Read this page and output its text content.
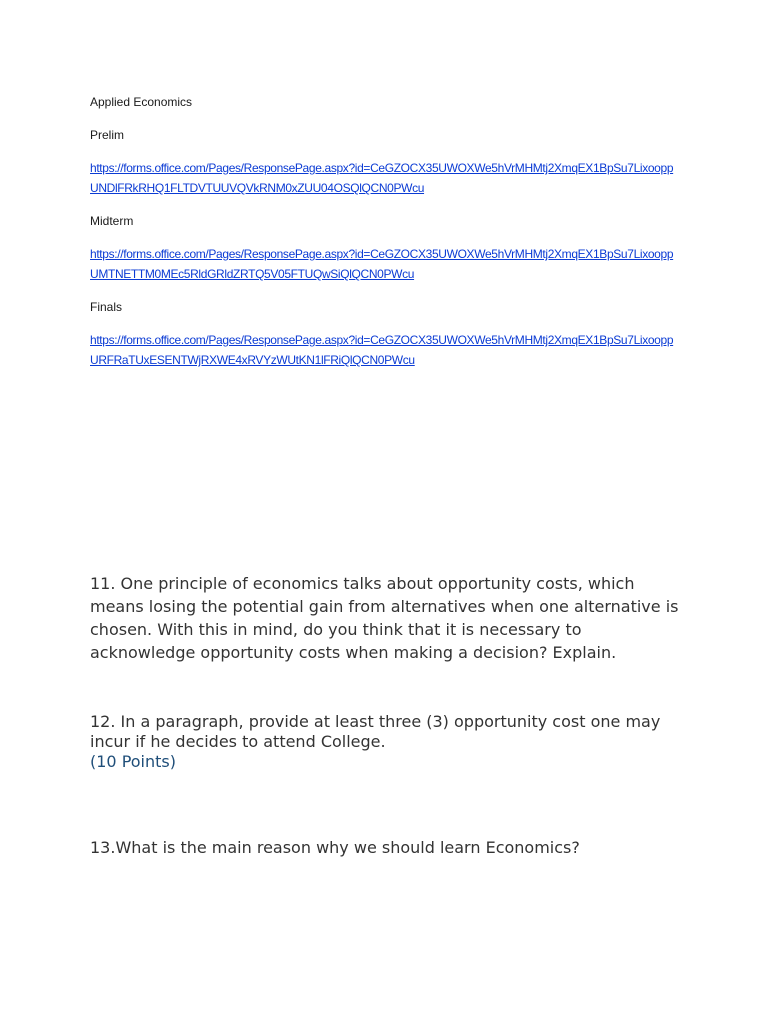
Applied Economics

Prelim

https://forms.office.com/Pages/ResponsePage.aspx?id=CeGZOCX35UWOXWe5hVrMHMtj2XmqEX1BpSu7LixooppUNDlFRkRHQ1FLTDVTUUVQVkRNM0xZUU04OSQlQCN0PWcu

Midterm

https://forms.office.com/Pages/ResponsePage.aspx?id=CeGZOCX35UWOXWe5hVrMHMtj2XmqEX1BpSu7LixooppUMTNETTM0MEc5RldGRldZRTQ5V05FTUQwSiQlQCN0PWcu

Finals

https://forms.office.com/Pages/ResponsePage.aspx?id=CeGZOCX35UWOXWe5hVrMHMtj2XmqEX1BpSu7LixooppURFRaTUxESENTWjRXWE4xRVYzWUtKN1lFRiQlQCN0PWcu

11. One principle of economics talks about opportunity costs, which means losing the potential gain from alternatives when one alternative is chosen. With this in mind, do you think that it is necessary to acknowledge opportunity costs when making a decision? Explain.

12. In a paragraph, provide at least three (3) opportunity cost one may incur if he decides to attend College.
(10 Points)

13.What is the main reason why we should learn Economics?
